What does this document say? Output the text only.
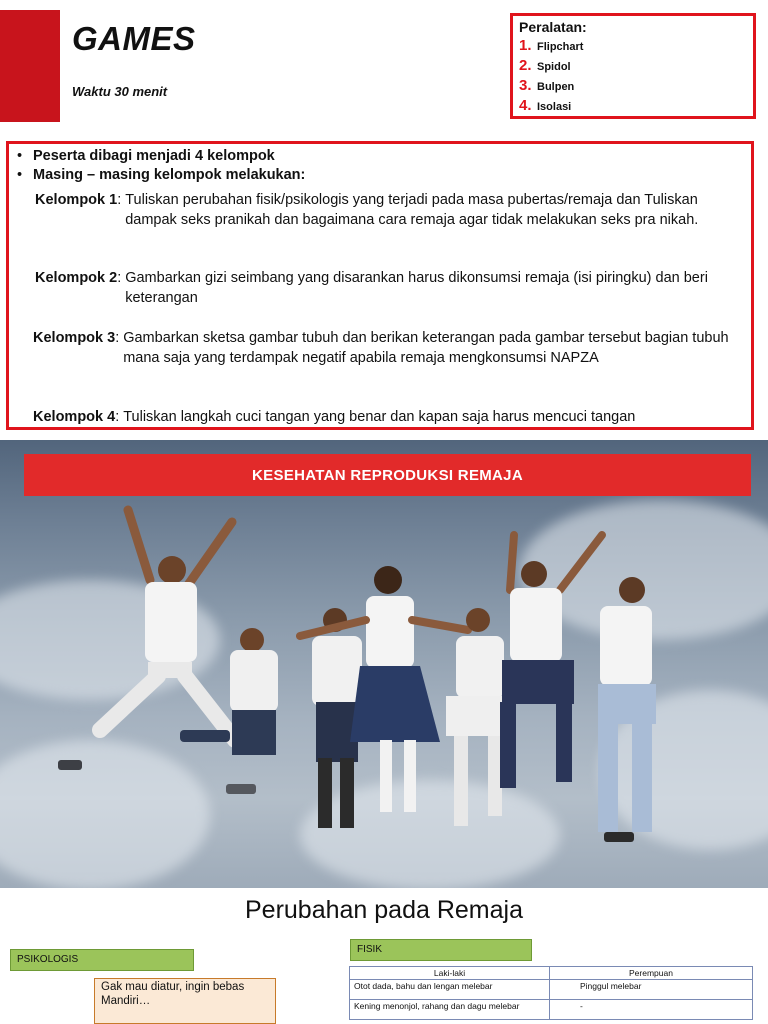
GAMES
Waktu 30 menit
Peralatan:
1. Flipchart
2. Spidol
3. Bulpen
4. Isolasi
• Peserta dibagi menjadi 4 kelompok
• Masing – masing kelompok melakukan:
Kelompok 1: Tuliskan perubahan fisik/psikologis yang terjadi pada masa pubertas/remaja dan Tuliskan dampak seks pranikah dan bagaimana cara remaja agar tidak melakukan seks pra nikah.
Kelompok 2: Gambarkan gizi seimbang yang disarankan harus dikonsumsi remaja (isi piringku) dan beri keterangan
Kelompok 3: Gambarkan sketsa gambar tubuh dan berikan keterangan pada gambar tersebut bagian tubuh mana saja yang terdampak negatif apabila remaja mengkonsumsi NAPZA
Kelompok 4: Tuliskan langkah cuci tangan yang benar dan kapan saja harus mencuci tangan
KESEHATAN REPRODUKSI REMAJA
Perubahan pada Remaja
PSIKOLOGIS
Gak mau diatur, ingin bebas
Mandiri…
FISIK
Laki-laki	Perempuan
Otot dada, bahu dan lengan melebar	Pinggul melebar
Kening menonjol, rahang dan dagu melebar	-
